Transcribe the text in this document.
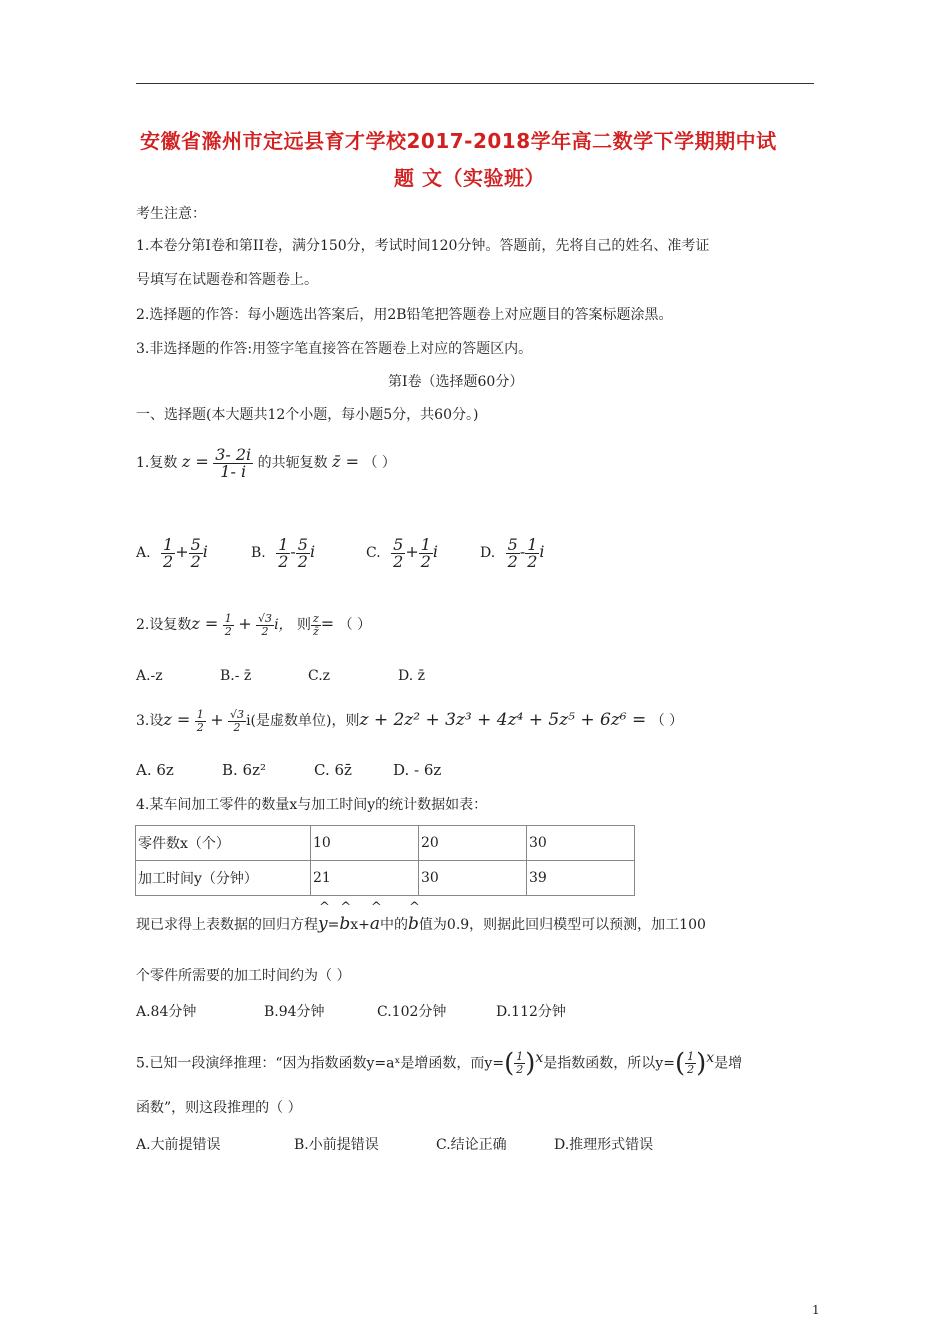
安徽省滁州市定远县育才学校2017-2018学年高二数学下学期期中试
题 文（实验班）
考生注意：
1.本卷分第Ⅰ卷和第II卷，满分150分，考试时间120分钟。答题前，先将自己的姓名、准考证
号填写在试题卷和答题卷上。
2.选择题的作答：每小题选出答案后，用2B铅笔把答题卷上对应题目的答案标题涂黑。
3.非选择题的作答:用签字笔直接答在答题卷上对应的答题区内。
第Ⅰ卷（选择题60分）
一、选择题(本大题共12个小题，每小题5分，共60分。)
1.复数 $z = \frac{3- 2i}{1- i}$ 的共轭复数 z̄ = （ ）
A. $\frac{1}{2} + \frac{5}{2}$ i	B. $\frac{1}{2} - \frac{5}{2}$ i	C. $\frac{5}{2} + \frac{1}{2}$ i	D. $\frac{5}{2} - \frac{1}{2}$ i
2.设复数$z = \frac{1}{2} + \frac{√3}{2}$ i， 则 $\frac{z}{z̄}$ = （ ）
A.-z	B.- z̄	C.z	D. z̄
3.设$z = \frac{1}{2} + \frac{√3}{2} i$(是虚数单位)，则z + 2z² + 3z³ + 4z⁴ + 5z⁵ + 6z⁶ = （ ）
A. 6z	B. 6z²	C. 6z̄	D. - 6z
4.某车间加工零件的数量x与加工时间y的统计数据如表：
零件数x（个）	10	20	30
加工时间y（分钟）	21	30	39
现已求得上表数据的回归方程^ y=^ bx+^ a中的^ b值为0.9，则据此回归模型可以预测，加工100
个零件所需要的加工时间约为（ ）
A.84分钟	B.94分钟	C.102分钟	D.112分钟
5.已知一段演绎推理：“因为指数函数y=aˣ是增函数，而$y=( \frac{1}{2} )^x$是指数函数，所以$y=( \frac{1}{2} )^x$是增
函数”，则这段推理的（ ）
A.大前提错误	B.小前提错误	C.结论正确	D.推理形式错误
1
